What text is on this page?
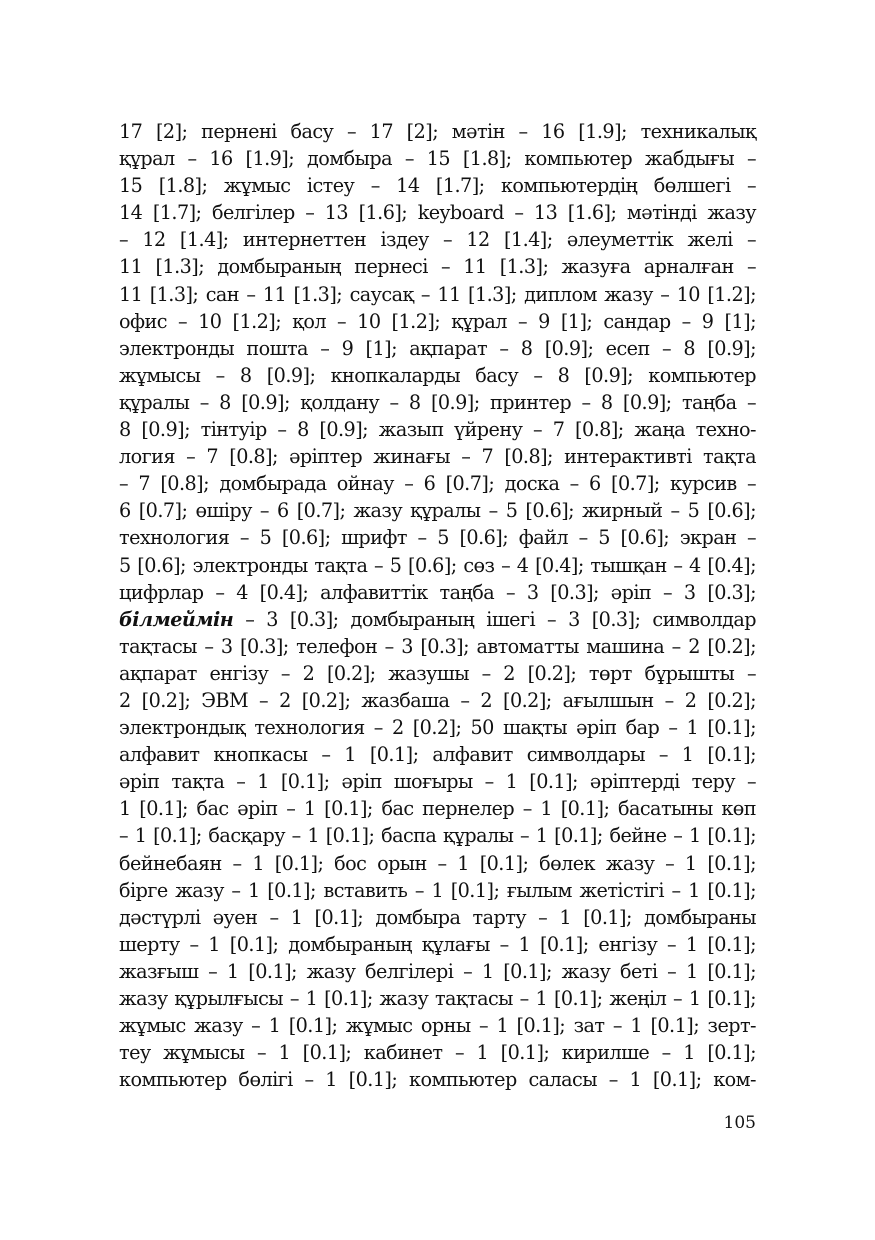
17 [2]; пернені басу – 17 [2]; мәтін – 16 [1.9]; техникалық
құрал – 16 [1.9]; домбыра – 15 [1.8]; компьютер жабдығы –
15 [1.8]; жұмыс істеу – 14 [1.7]; компьютердің бөлшегі –
14 [1.7]; белгілер – 13 [1.6]; keyboard – 13 [1.6]; мәтінді жазу
– 12 [1.4]; интернеттен іздеу – 12 [1.4]; әлеуметтік желі –
11 [1.3]; домбыраның пернесі – 11 [1.3]; жазуға арналған –
11 [1.3]; сан – 11 [1.3]; саусақ – 11 [1.3]; диплом жазу – 10 [1.2];
офис – 10 [1.2]; қол – 10 [1.2]; құрал – 9 [1]; сандар – 9 [1];
электронды пошта – 9 [1]; ақпарат – 8 [0.9]; есеп – 8 [0.9];
жұмысы – 8 [0.9]; кнопкаларды басу – 8 [0.9]; компьютер
құралы – 8 [0.9]; қолдану – 8 [0.9]; принтер – 8 [0.9]; таңба –
8 [0.9]; тінтуір – 8 [0.9]; жазып үйрену – 7 [0.8]; жаңа техно-
логия – 7 [0.8]; әріптер жинағы – 7 [0.8]; интерактивті тақта
– 7 [0.8]; домбырада ойнау – 6 [0.7]; доска – 6 [0.7]; курсив –
6 [0.7]; өшіру – 6 [0.7]; жазу құралы – 5 [0.6]; жирный – 5 [0.6];
технология – 5 [0.6]; шрифт – 5 [0.6]; файл – 5 [0.6]; экран –
5 [0.6]; электронды тақта – 5 [0.6]; сөз – 4 [0.4]; тышқан – 4 [0.4];
цифрлар – 4 [0.4]; алфавиттік таңба – 3 [0.3]; әріп – 3 [0.3];
білмеймін – 3 [0.3]; домбыраның ішегі – 3 [0.3]; символдар
тақтасы – 3 [0.3]; телефон – 3 [0.3]; автоматты машина – 2 [0.2];
ақпарат енгізу – 2 [0.2]; жазушы – 2 [0.2]; төрт бұрышты –
2 [0.2]; ЭВМ – 2 [0.2]; жазбаша – 2 [0.2]; ағылшын – 2 [0.2];
электрондық технология – 2 [0.2]; 50 шақты әріп бар – 1 [0.1];
алфавит кнопкасы – 1 [0.1]; алфавит символдары – 1 [0.1];
әріп тақта – 1 [0.1]; әріп шоғыры – 1 [0.1]; әріптерді теру –
1 [0.1]; бас әріп – 1 [0.1]; бас пернелер – 1 [0.1]; басатыны көп
– 1 [0.1]; басқару – 1 [0.1]; баспа құралы – 1 [0.1]; бейне – 1 [0.1];
бейнебаян – 1 [0.1]; бос орын – 1 [0.1]; бөлек жазу – 1 [0.1];
бірге жазу – 1 [0.1]; вставить – 1 [0.1]; ғылым жетістігі – 1 [0.1];
дәстүрлі әуен – 1 [0.1]; домбыра тарту – 1 [0.1]; домбыраны
шерту – 1 [0.1]; домбыраның құлағы – 1 [0.1]; енгізу – 1 [0.1];
жазғыш – 1 [0.1]; жазу белгілері – 1 [0.1]; жазу беті – 1 [0.1];
жазу құрылғысы – 1 [0.1]; жазу тақтасы – 1 [0.1]; жеңіл – 1 [0.1];
жұмыс жазу – 1 [0.1]; жұмыс орны – 1 [0.1]; зат – 1 [0.1]; зерт-
теу жұмысы – 1 [0.1]; кабинет – 1 [0.1]; кирилше – 1 [0.1];
компьютер бөлігі – 1 [0.1]; компьютер саласы – 1 [0.1]; ком-
105
